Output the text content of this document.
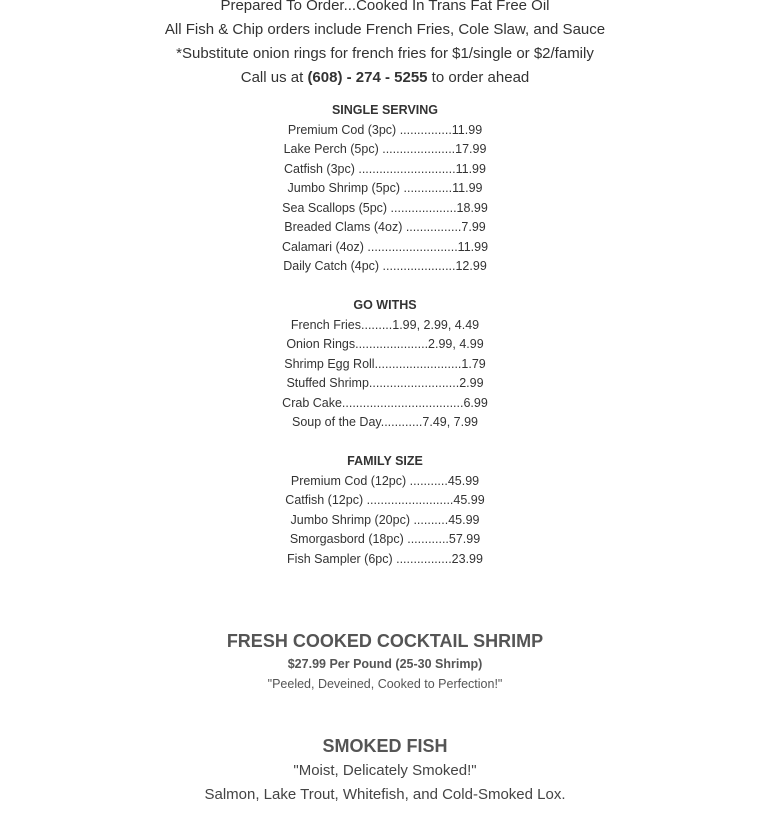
Prepared To Order...Cooked In Trans Fat Free Oil

All Fish & Chip orders include French Fries, Cole Slaw, and Sauce

*Substitute onion rings for french fries for $1/single or $2/family

Call us at (608) - 274 - 5255 to order ahead

SINGLE SERVING

Premium Cod (3pc) ...............11.99

Lake Perch (5pc) .....................17.99

Catfish (3pc) ............................11.99

Jumbo Shrimp (5pc) ..............11.99

Sea Scallops (5pc) ...................18.99

Breaded Clams (4oz) ................7.99

Calamari (4oz) ..........................11.99

Daily Catch (4pc) .....................12.99

GO WITHS

French Fries.........1.99, 2.99, 4.49

Onion Rings.....................2.99, 4.99

Shrimp Egg Roll.........................1.79

Stuffed Shrimp..........................2.99

Crab Cake...................................6.99

Soup of the Day............7.49, 7.99

FAMILY SIZE

Premium Cod (12pc) ...........45.99

Catfish (12pc) .........................45.99

Jumbo Shrimp (20pc) ..........45.99

Smorgasbord (18pc) ............57.99

Fish Sampler (6pc) ................23.99

FRESH COOKED COCKTAIL SHRIMP

$27.99 Per Pound (25-30 Shrimp)

"Peeled, Deveined, Cooked to Perfection!"

SMOKED FISH

"Moist, Delicately Smoked!"

Salmon, Lake Trout, Whitefish, and Cold-Smoked Lox.
